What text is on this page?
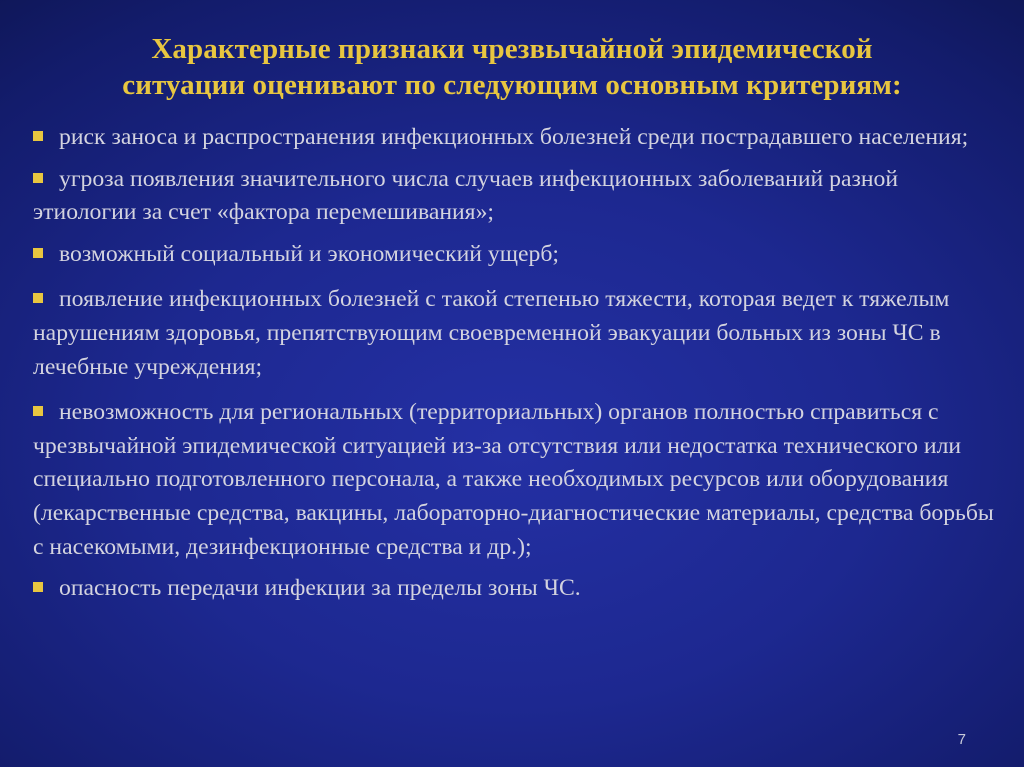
Характерные признаки чрезвычайной эпидемической
ситуации оценивают по следующим основным критериям:
риск заноса и распространения инфекционных болезней среди пострадавшего населения;
угроза появления значительного числа случаев инфекционных заболеваний разной этиологии за счет «фактора перемешивания»;
возможный социальный и экономический ущерб;
появление инфекционных болезней с такой степенью тяжести, которая ведет к тяжелым нарушениям здоровья, препятствующим своевременной эвакуации больных из зоны ЧС в лечебные учреждения;
невозможность для региональных (территориальных) органов полностью справиться с чрезвычайной эпидемической ситуацией из-за отсутствия или недостатка технического или специально подготовленного персонала, а также необходимых ресурсов или оборудования (лекарственные средства, вакцины, лабораторно-диагностические материалы, средства борьбы с насекомыми, дезинфекционные средства и др.);
опасность передачи инфекции за пределы зоны ЧС.
7
